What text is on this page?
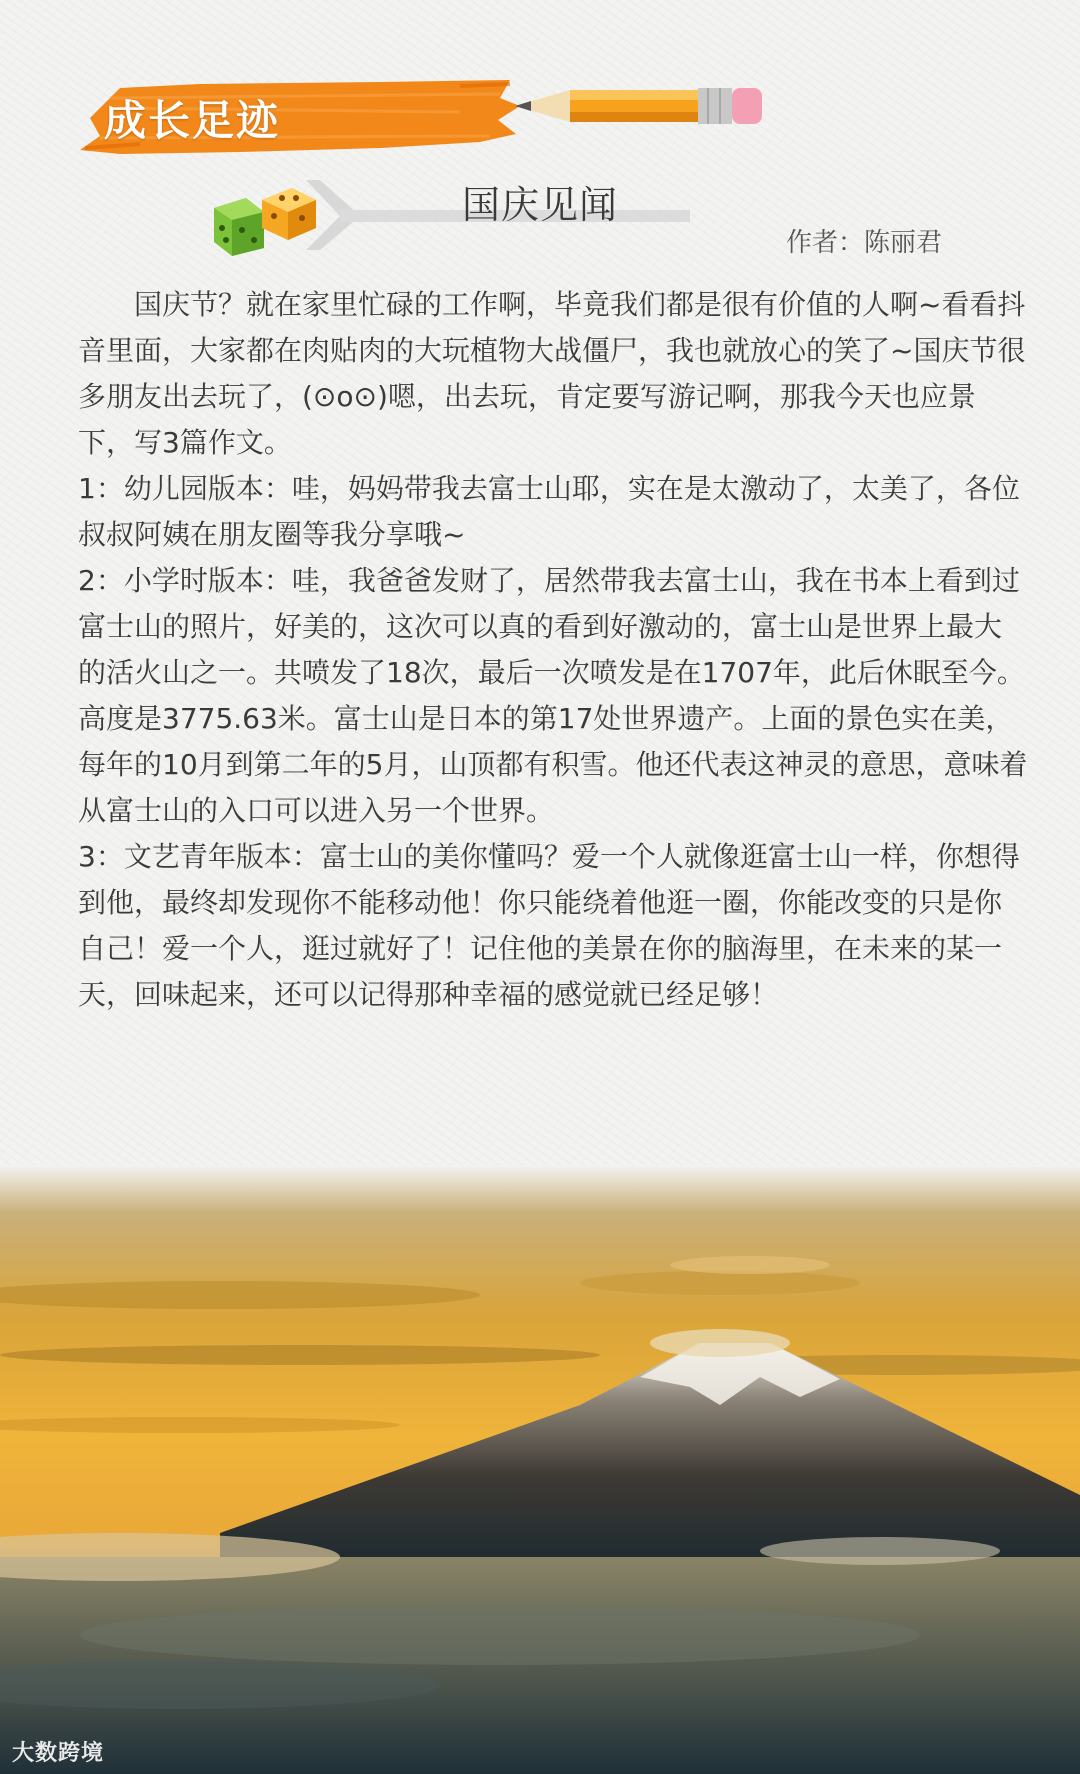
成长足迹
国庆见闻
作者：陈丽君

国庆节？就在家里忙碌的工作啊，毕竟我们都是很有价值的人啊~看看抖音里面，大家都在肉贴肉的大玩植物大战僵尸，我也就放心的笑了~国庆节很多朋友出去玩了，(⊙o⊙)嗯，出去玩，肯定要写游记啊，那我今天也应景下，写3篇作文。

1：幼儿园版本：哇，妈妈带我去富士山耶，实在是太激动了，太美了，各位叔叔阿姨在朋友圈等我分享哦~

2：小学时版本：哇，我爸爸发财了，居然带我去富士山，我在书本上看到过富士山的照片，好美的，这次可以真的看到好激动的，富士山是世界上最大的活火山之一。共喷发了18次，最后一次喷发是在1707年，此后休眠至今。高度是3775.63米。富士山是日本的第17处世界遗产。上面的景色实在美，每年的10月到第二年的5月，山顶都有积雪。他还代表这神灵的意思，意味着从富士山的入口可以进入另一个世界。

3：文艺青年版本：富士山的美你懂吗？爱一个人就像逛富士山一样，你想得到他，最终却发现你不能移动他！你只能绕着他逛一圈，你能改变的只是你自己！爱一个人，逛过就好了！记住他的美景在你的脑海里，在未来的某一天，回味起来，还可以记得那种幸福的感觉就已经足够！

大数跨境
